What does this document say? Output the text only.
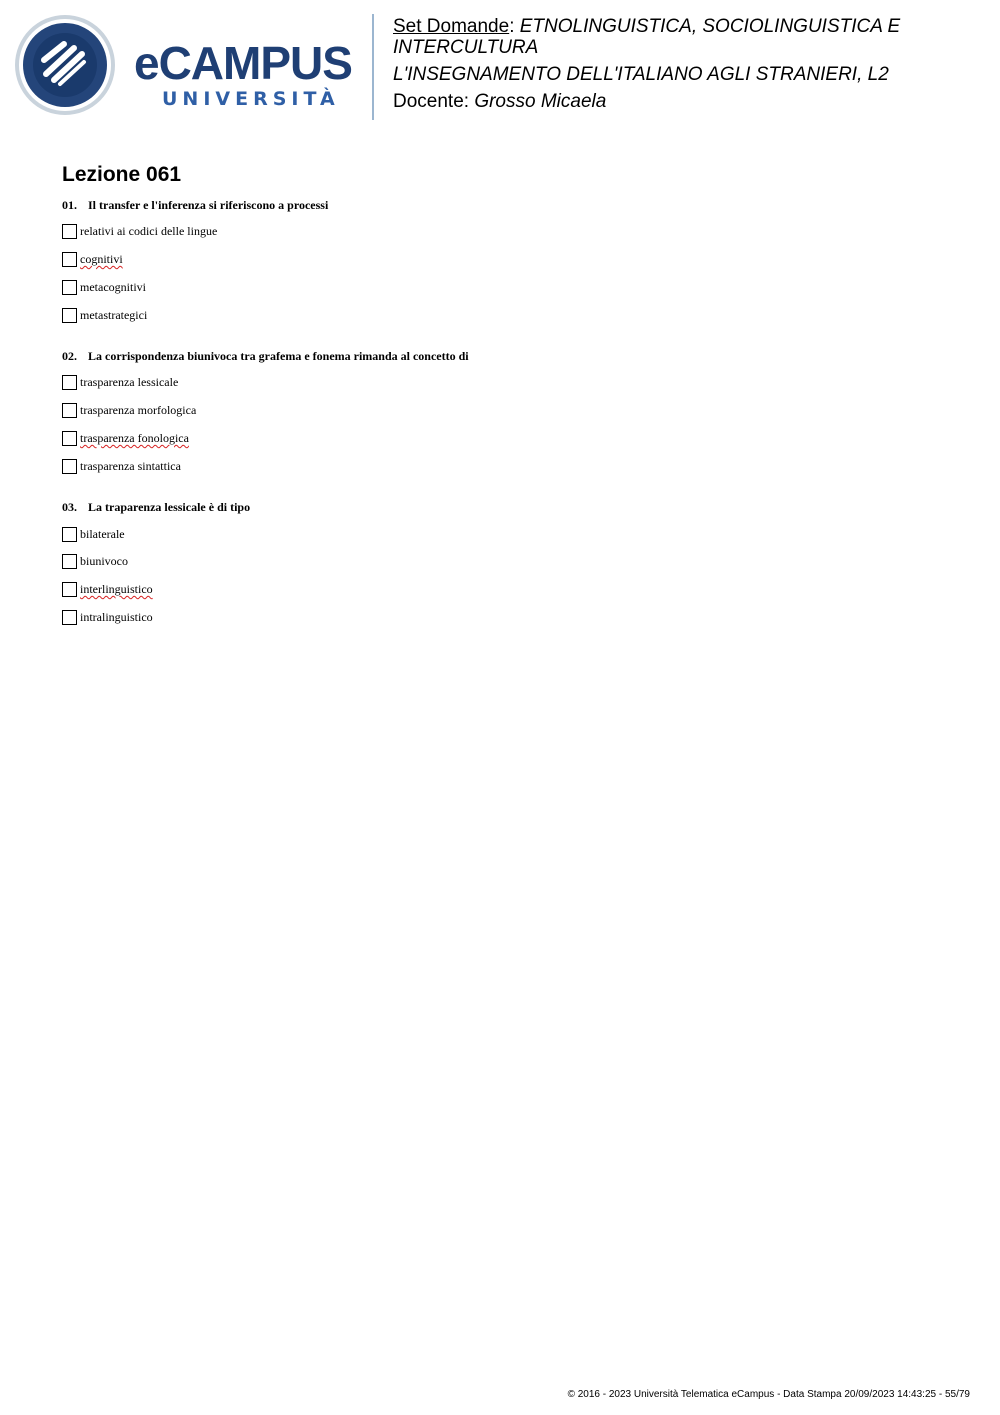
eCAMPUS
UNIVERSITÀ
Set Domande: ETNOLINGUISTICA, SOCIOLINGUISTICA E
INTERCULTURA
L'INSEGNAMENTO DELL'ITALIANO AGLI STRANIERI, L2
Docente: Grosso Micaela
Lezione 061
01. Il transfer e l'inferenza si riferiscono a processi
relativi ai codici delle lingue
cognitivi
metacognitivi
metastrategici
02. La corrispondenza biunivoca tra grafema e fonema rimanda al concetto di
trasparenza lessicale
trasparenza morfologica
trasparenza fonologica
trasparenza sintattica
03. La traparenza lessicale è di tipo
bilaterale
biunivoco
interlinguistico
intralinguistico
© 2016 - 2023 Università Telematica eCampus - Data Stampa 20/09/2023 14:43:25 - 55/79
